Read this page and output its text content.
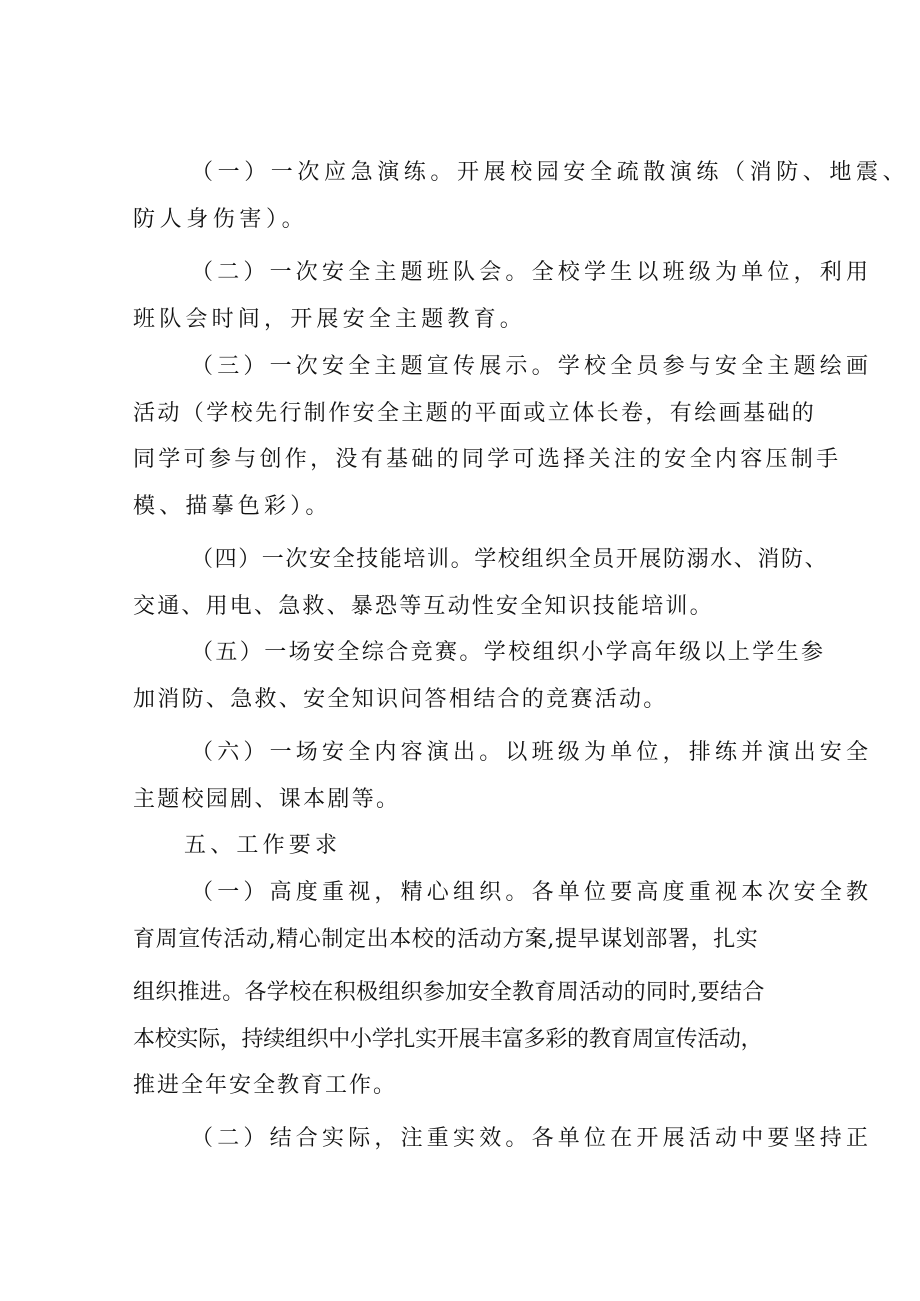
（一）一次应急演练。开展校园安全疏散演练（消防、地震、
防人身伤害）。
（二）一次安全主题班队会。全校学生以班级为单位，利用
班队会时间，开展安全主题教育。
（三）一次安全主题宣传展示。学校全员参与安全主题绘画
活动（学校先行制作安全主题的平面或立体长卷，有绘画基础的
同学可参与创作，没有基础的同学可选择关注的安全内容压制手
模、描摹色彩）。
（四）一次安全技能培训。学校组织全员开展防溺水、消防、
交通、用电、急救、暴恐等互动性安全知识技能培训。
（五）一场安全综合竞赛。学校组织小学高年级以上学生参
加消防、急救、安全知识问答相结合的竞赛活动。
（六）一场安全内容演出。以班级为单位，排练并演出安全
主题校园剧、课本剧等。
五、工作要求
（一）高度重视，精心组织。各单位要高度重视本次安全教
育周宣传活动,精心制定出本校的活动方案,提早谋划部署，扎实
组织推进。各学校在积极组织参加安全教育周活动的同时,要结合
本校实际，持续组织中小学扎实开展丰富多彩的教育周宣传活动，
推进全年安全教育工作。
（二）结合实际，注重实效。各单位在开展活动中要坚持正
